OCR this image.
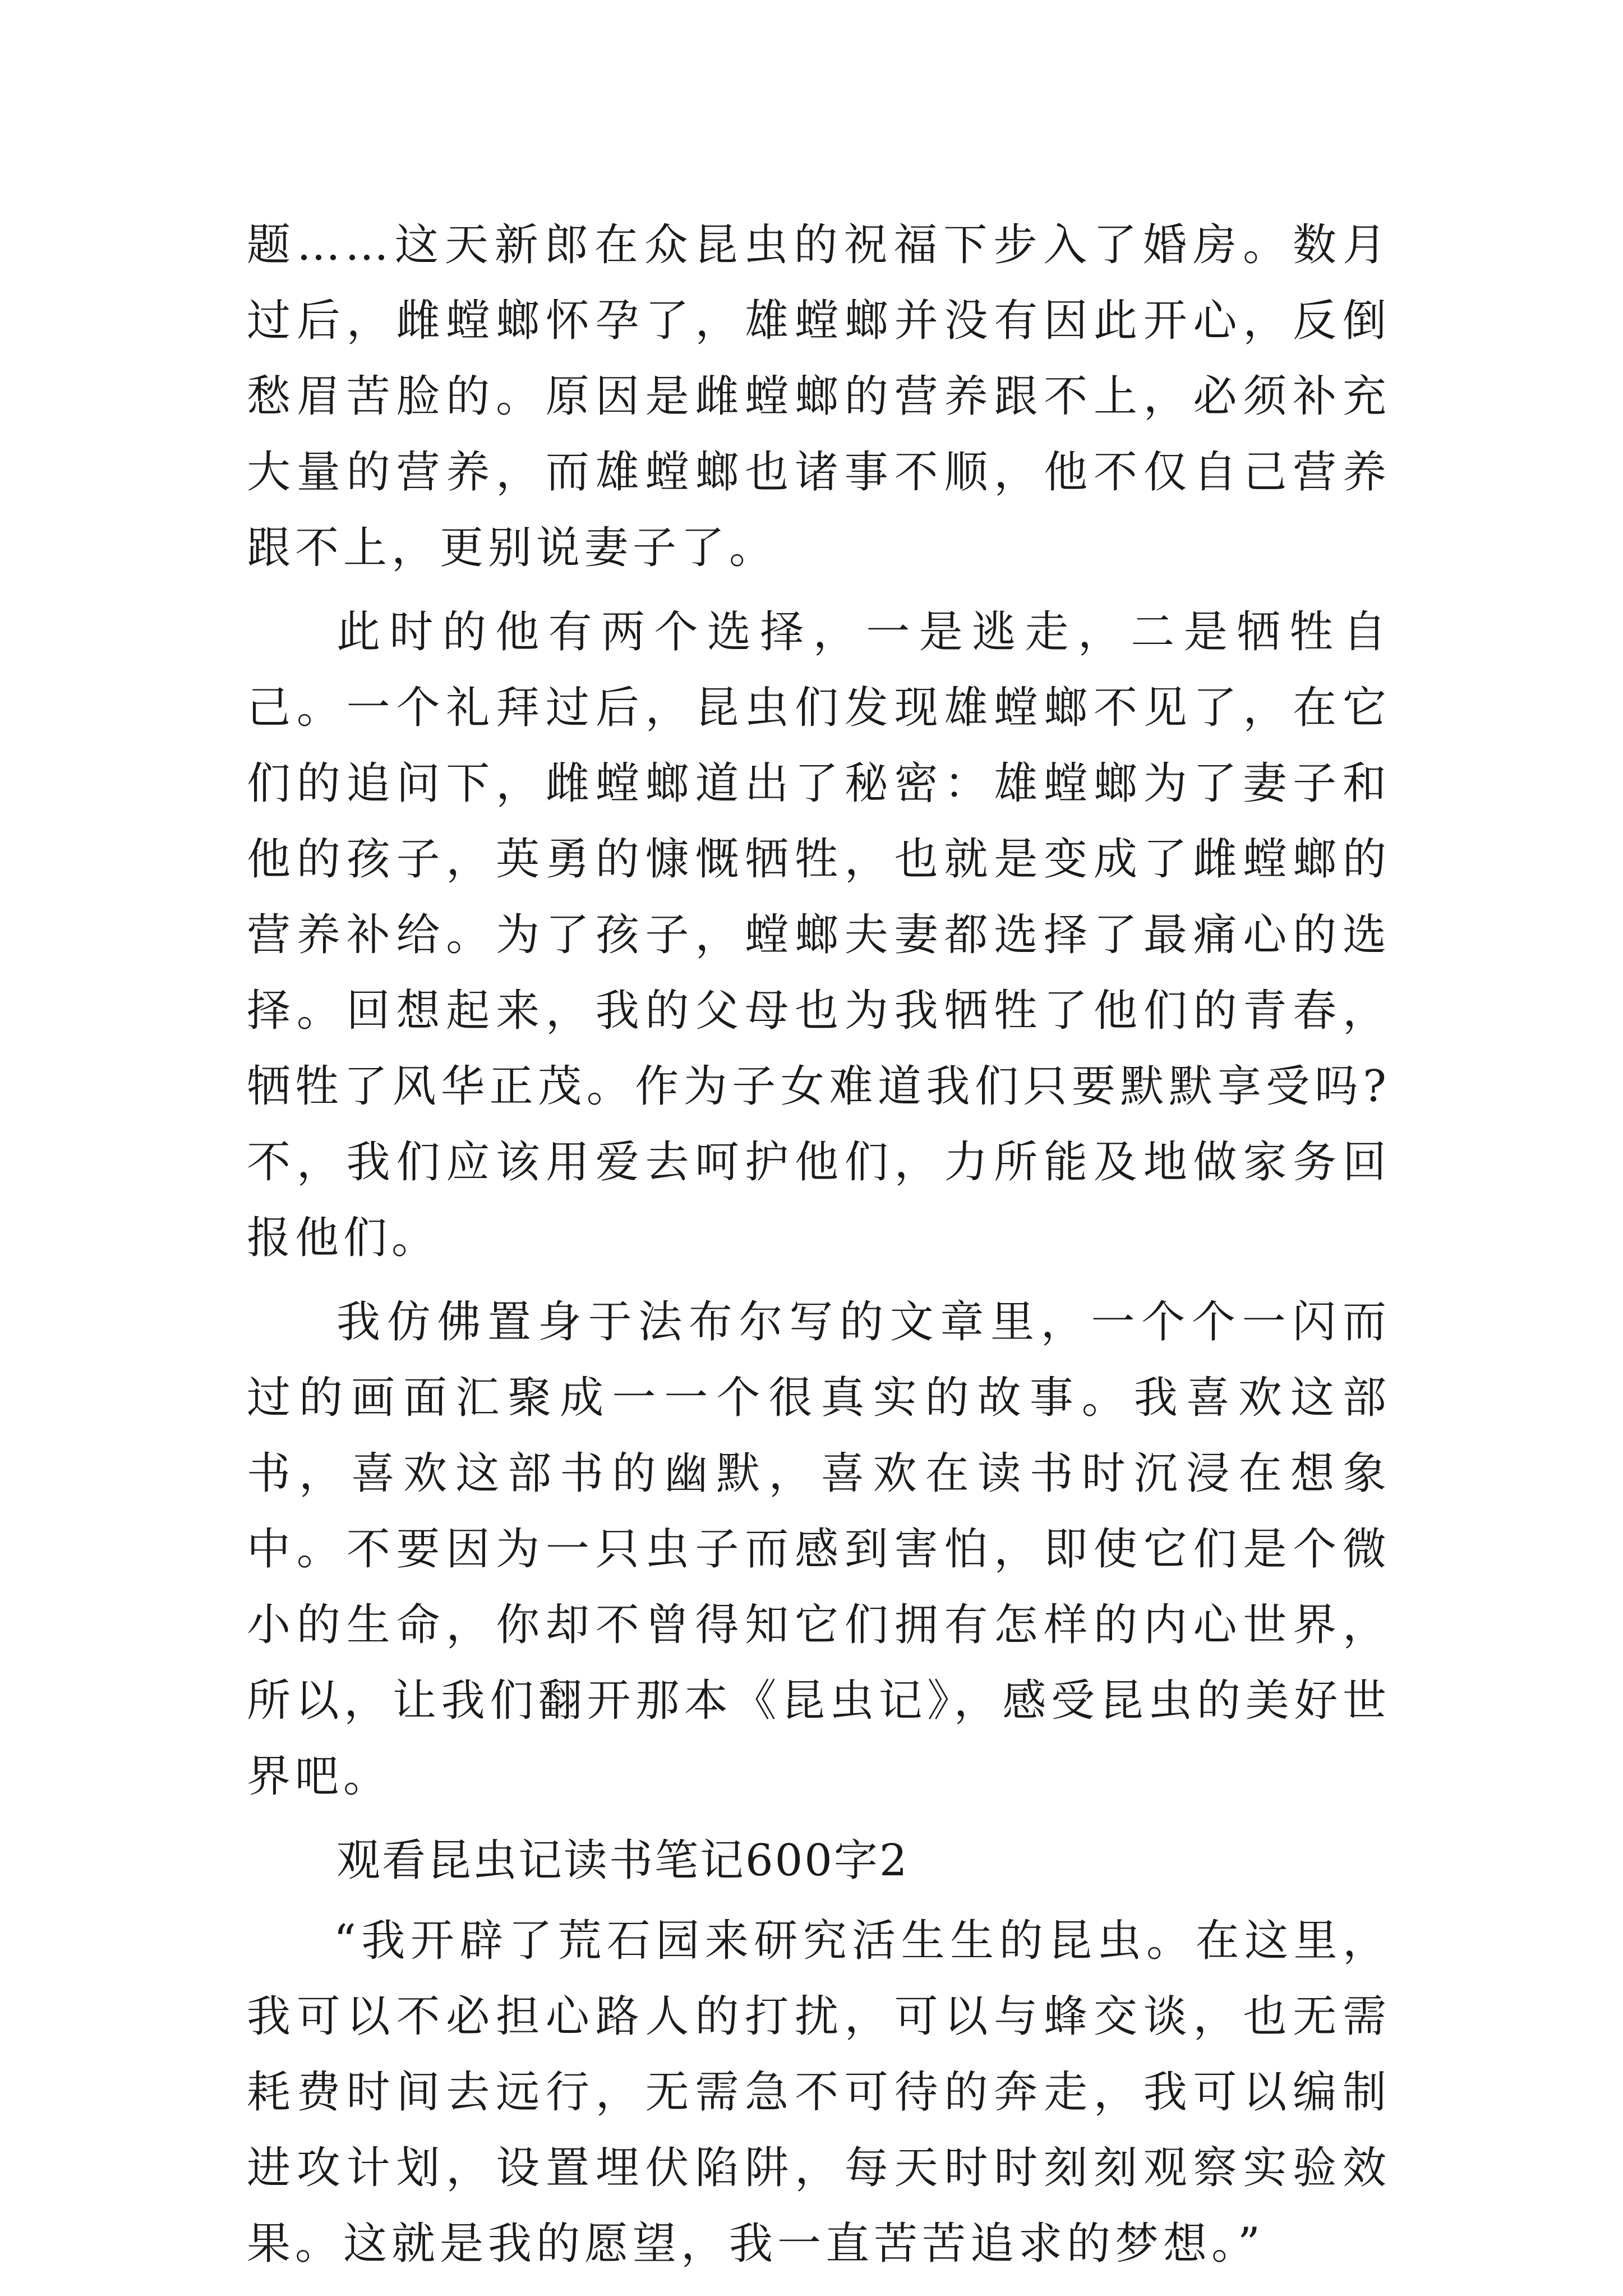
题……这天新郎在众昆虫的祝福下步入了婚房。数月过后，雌螳螂怀孕了，雄螳螂并没有因此开心，反倒愁眉苦脸的。原因是雌螳螂的营养跟不上，必须补充大量的营养，而雄螳螂也诸事不顺，他不仅自己营养跟不上，更别说妻子了。

此时的他有两个选择，一是逃走，二是牺牲自己。一个礼拜过后，昆虫们发现雄螳螂不见了，在它们的追问下，雌螳螂道出了秘密：雄螳螂为了妻子和他的孩子，英勇的慷慨牺牲，也就是变成了雌螳螂的营养补给。为了孩子，螳螂夫妻都选择了最痛心的选择。回想起来，我的父母也为我牺牲了他们的青春，牺牲了风华正茂。作为子女难道我们只要默默享受吗?不，我们应该用爱去呵护他们，力所能及地做家务回报他们。

我仿佛置身于法布尔写的文章里，一个个一闪而过的画面汇聚成一一个很真实的故事。我喜欢这部书，喜欢这部书的幽默，喜欢在读书时沉浸在想象中。不要因为一只虫子而感到害怕，即使它们是个微小的生命，你却不曾得知它们拥有怎样的内心世界，所以，让我们翻开那本《昆虫记》，感受昆虫的美好世界吧。

观看昆虫记读书笔记600字2

“我开辟了荒石园来研究活生生的昆虫。在这里，我可以不必担心路人的打扰，可以与蜂交谈，也无需耗费时间去远行，无需急不可待的奔走，我可以编制进攻计划，设置埋伏陷阱，每天时时刻刻观察实验效果。这就是我的愿望，我一直苦苦追求的梦想。”
